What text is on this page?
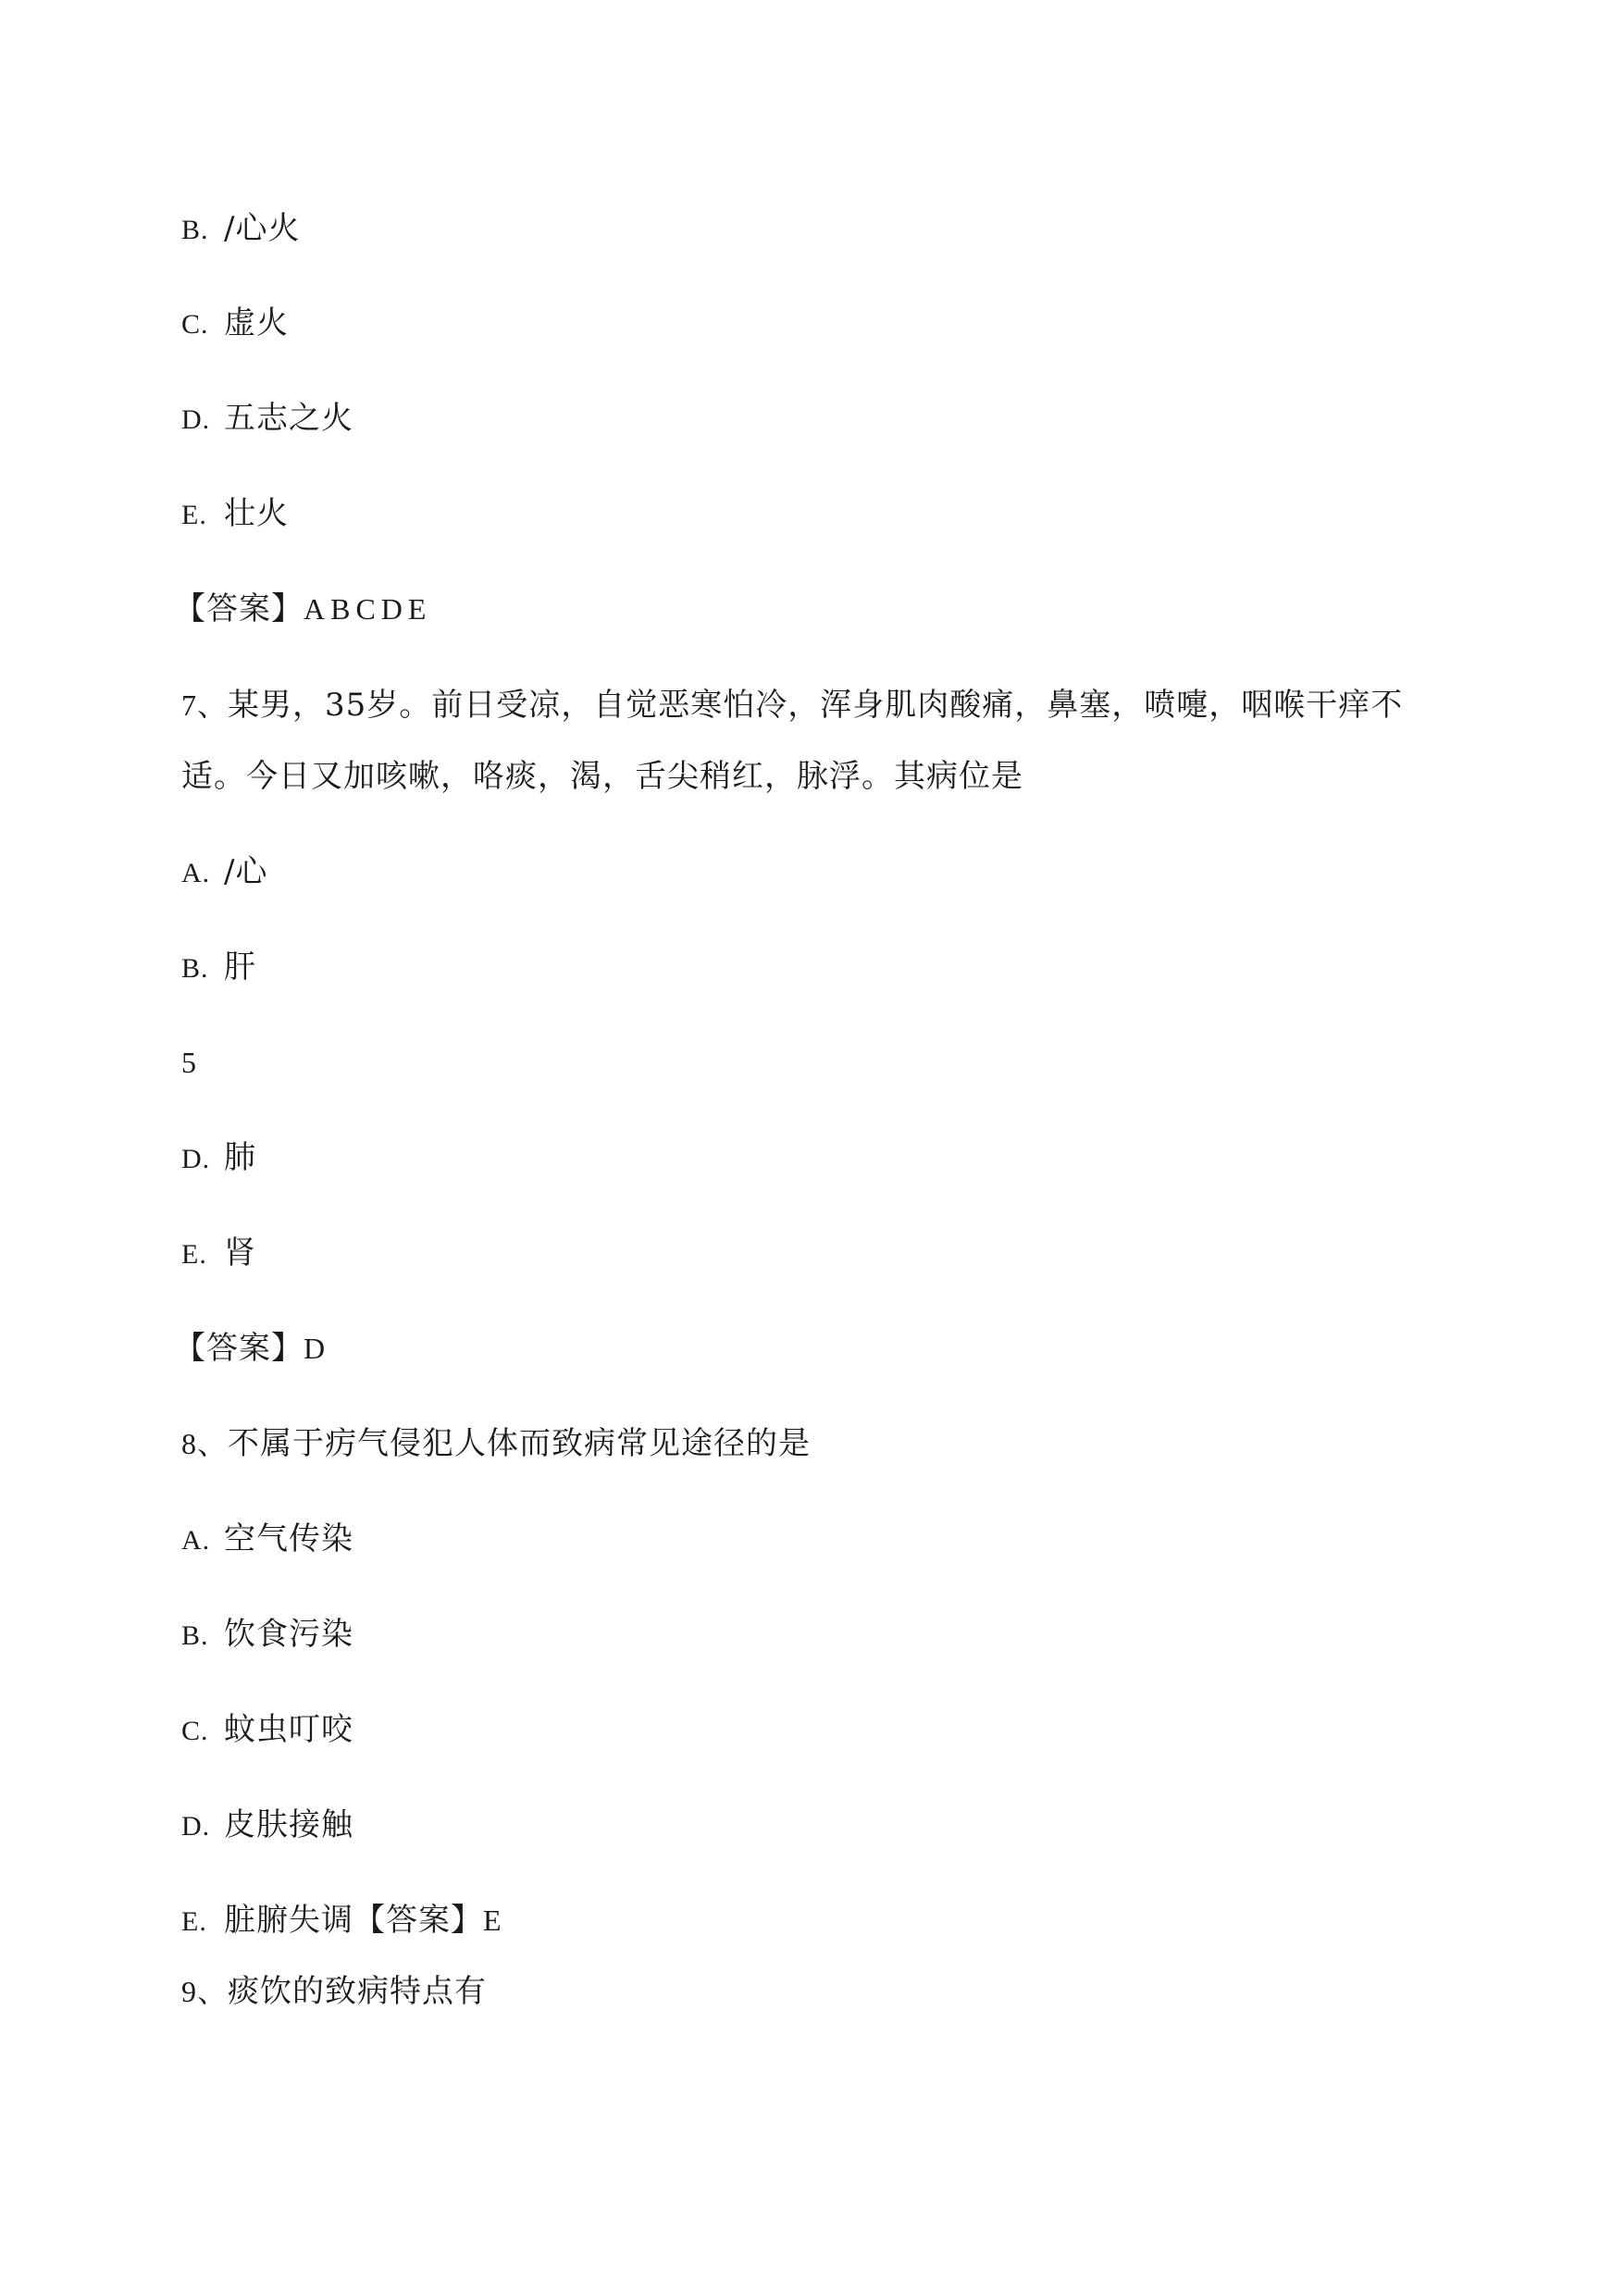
B. /心火
C. 虚火
D. 五志之火
E. 壮火
【答案】ABCDE
7、某男，35岁。前日受凉，自觉恶寒怕冷，浑身肌肉酸痛，鼻塞，喷嚏，咽喉干痒不
适。今日又加咳嗽，咯痰，渴，舌尖稍红，脉浮。其病位是
A. /心
B. 肝
5
D. 肺
E. 肾
【答案】D
8、不属于疠气侵犯人体而致病常见途径的是
A. 空气传染
B. 饮食污染
C. 蚊虫叮咬
D. 皮肤接触
E. 脏腑失调【答案】E
9、痰饮的致病特点有
